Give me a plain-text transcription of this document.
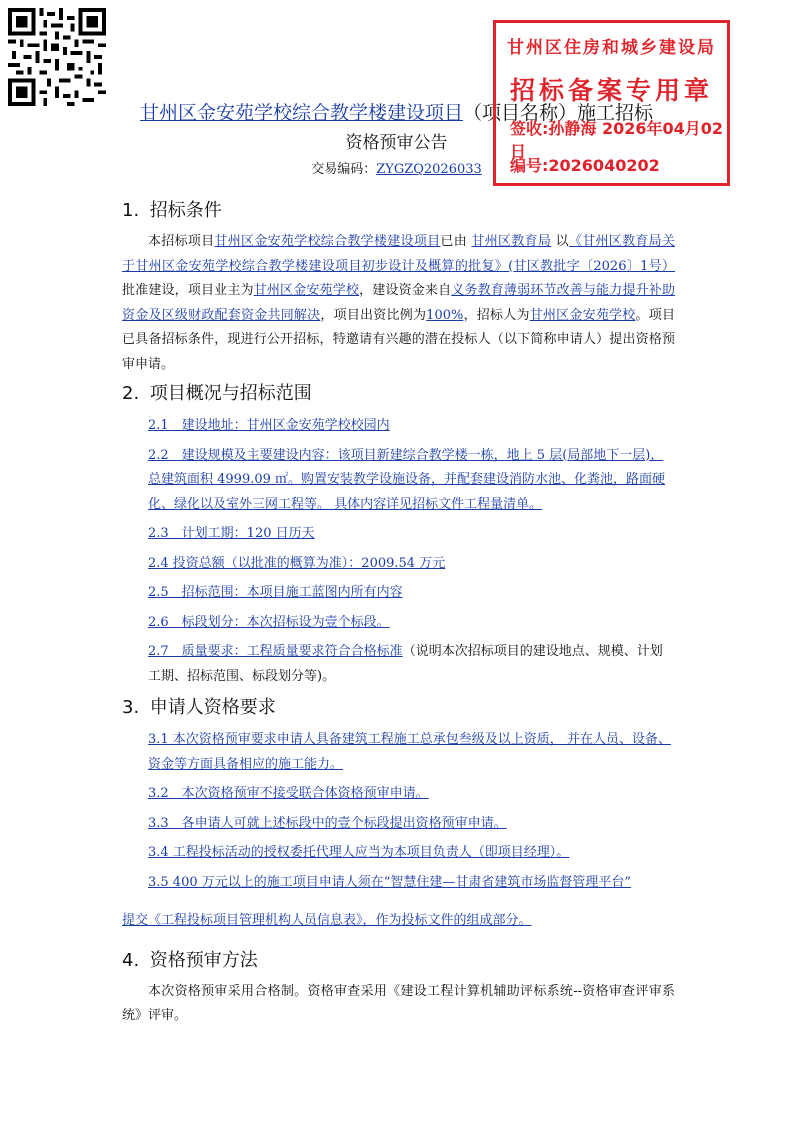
甘州区金安苑学校综合教学楼建设项目（项目名称）施工招标
资格预审公告
交易编码：ZYGZQ2026033
甘州区住房和城乡建设局
招标备案专用章
签收:孙静海 2026年04月02日
编号:2026040202
1. 招标条件

本招标项目甘州区金安苑学校综合教学楼建设项目已由 甘州区教育局 以《甘州区教育局关于甘州区金安苑学校综合教学楼建设项目初步设计及概算的批复》(甘区教批字〔2026〕1号）批准建设，项目业主为甘州区金安苑学校，建设资金来自义务教育薄弱环节改善与能力提升补助资金及区级财政配套资金共同解决，项目出资比例为100%，招标人为甘州区金安苑学校。项目已具备招标条件，现进行公开招标，特邀请有兴趣的潜在投标人（以下简称申请人）提出资格预审申请。

2. 项目概况与招标范围

2.1　建设地址：甘州区金安苑学校校园内

2.2　建设规模及主要建设内容：该项目新建综合教学楼一栋，地上 5 层(局部地下一层)，总建筑面积 4999.09 ㎡。购置安装教学设施设备，并配套建设消防水池、化粪池，路面硬化、绿化以及室外三网工程等。 具体内容详见招标文件工程量清单。

2.3　计划工期：120 日历天

2.4 投资总额（以批准的概算为准）：2009.54 万元

2.5　招标范围：本项目施工蓝图内所有内容

2.6　标段划分：本次招标设为壹个标段。

2.7　质量要求：工程质量要求符合合格标准（说明本次招标项目的建设地点、规模、计划工期、招标范围、标段划分等)。

3. 申请人资格要求

3.1 本次资格预审要求申请人具备建筑工程施工总承包叁级及以上资质， 并在人员、设备、资金等方面具备相应的施工能力。

3.2　本次资格预审不接受联合体资格预审申请。

3.3　各申请人可就上述标段中的壹个标段提出资格预审申请。

3.4 工程投标活动的授权委托代理人应当为本项目负责人（即项目经理）。

3.5 400 万元以上的施工项目申请人须在“智慧住建—甘肃省建筑市场监督管理平台”

提交《工程投标项目管理机构人员信息表》，作为投标文件的组成部分。

4. 资格预审方法

本次资格预审采用合格制。资格审查采用《建设工程计算机辅助评标系统--资格审查评审系统》评审。
